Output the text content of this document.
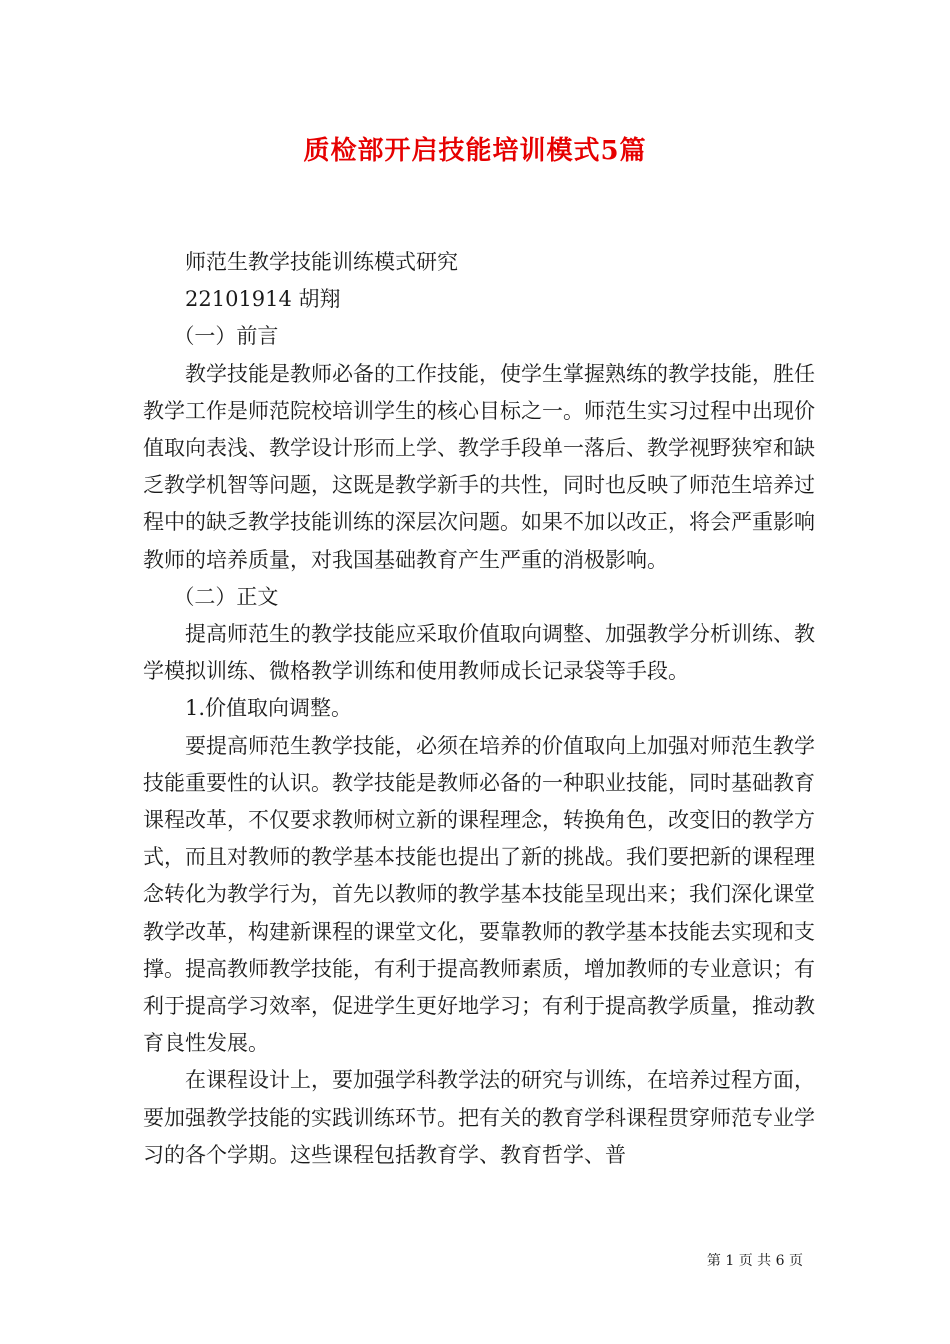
质检部开启技能培训模式5篇

师范生教学技能训练模式研究

22101914 胡翔

（一）前言

教学技能是教师必备的工作技能，使学生掌握熟练的教学技能，胜任教学工作是师范院校培训学生的核心目标之一。师范生实习过程中出现价值取向表浅、教学设计形而上学、教学手段单一落后、教学视野狭窄和缺乏教学机智等问题，这既是教学新手的共性，同时也反映了师范生培养过程中的缺乏教学技能训练的深层次问题。如果不加以改正，将会严重影响教师的培养质量，对我国基础教育产生严重的消极影响。

（二）正文

提高师范生的教学技能应采取价值取向调整、加强教学分析训练、教学模拟训练、微格教学训练和使用教师成长记录袋等手段。

1.价值取向调整。

要提高师范生教学技能，必须在培养的价值取向上加强对师范生教学技能重要性的认识。教学技能是教师必备的一种职业技能，同时基础教育课程改革，不仅要求教师树立新的课程理念，转换角色，改变旧的教学方式，而且对教师的教学基本技能也提出了新的挑战。我们要把新的课程理念转化为教学行为，首先以教师的教学基本技能呈现出来；我们深化课堂教学改革，构建新课程的课堂文化，要靠教师的教学基本技能去实现和支撑。提高教师教学技能，有利于提高教师素质，增加教师的专业意识；有利于提高学习效率，促进学生更好地学习；有利于提高教学质量，推动教育良性发展。

在课程设计上，要加强学科教学法的研究与训练，在培养过程方面，要加强教学技能的实践训练环节。把有关的教育学科课程贯穿师范专业学习的各个学期。这些课程包括教育学、教育哲学、普

第 1 页 共 6 页
